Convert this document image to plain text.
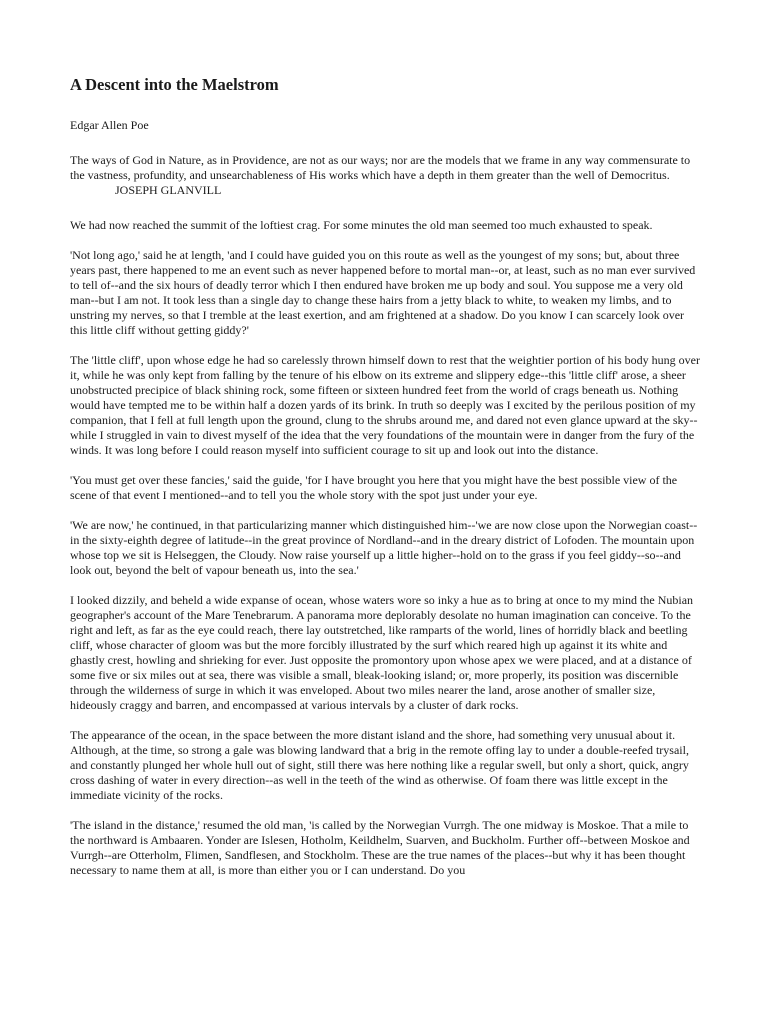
A Descent into the Maelstrom

Edgar Allen Poe

The ways of God in Nature, as in Providence, are not as our ways; nor are the models that we frame in any way commensurate to the vastness, profundity, and unsearchableness of His works which have a depth in them greater than the well of Democritus.

JOSEPH GLANVILL

We had now reached the summit of the loftiest crag. For some minutes the old man seemed too much exhausted to speak.

'Not long ago,' said he at length, 'and I could have guided you on this route as well as the youngest of my sons; but, about three years past, there happened to me an event such as never happened before to mortal man--or, at least, such as no man ever survived to tell of--and the six hours of deadly terror which I then endured have broken me up body and soul. You suppose me a very old man--but I am not. It took less than a single day to change these hairs from a jetty black to white, to weaken my limbs, and to unstring my nerves, so that I tremble at the least exertion, and am frightened at a shadow. Do you know I can scarcely look over this little cliff without getting giddy?'

The 'little cliff', upon whose edge he had so carelessly thrown himself down to rest that the weightier portion of his body hung over it, while he was only kept from falling by the tenure of his elbow on its extreme and slippery edge--this 'little cliff' arose, a sheer unobstructed precipice of black shining rock, some fifteen or sixteen hundred feet from the world of crags beneath us. Nothing would have tempted me to be within half a dozen yards of its brink. In truth so deeply was I excited by the perilous position of my companion, that I fell at full length upon the ground, clung to the shrubs around me, and dared not even glance upward at the sky--while I struggled in vain to divest myself of the idea that the very foundations of the mountain were in danger from the fury of the winds. It was long before I could reason myself into sufficient courage to sit up and look out into the distance.

'You must get over these fancies,' said the guide, 'for I have brought you here that you might have the best possible view of the scene of that event I mentioned--and to tell you the whole story with the spot just under your eye.

'We are now,' he continued, in that particularizing manner which distinguished him--'we are now close upon the Norwegian coast--in the sixty-eighth degree of latitude--in the great province of Nordland--and in the dreary district of Lofoden. The mountain upon whose top we sit is Helseggen, the Cloudy. Now raise yourself up a little higher--hold on to the grass if you feel giddy--so--and look out, beyond the belt of vapour beneath us, into the sea.'

I looked dizzily, and beheld a wide expanse of ocean, whose waters wore so inky a hue as to bring at once to my mind the Nubian geographer's account of the Mare Tenebrarum. A panorama more deplorably desolate no human imagination can conceive. To the right and left, as far as the eye could reach, there lay outstretched, like ramparts of the world, lines of horridly black and beetling cliff, whose character of gloom was but the more forcibly illustrated by the surf which reared high up against it its white and ghastly crest, howling and shrieking for ever. Just opposite the promontory upon whose apex we were placed, and at a distance of some five or six miles out at sea, there was visible a small, bleak-looking island; or, more properly, its position was discernible through the wilderness of surge in which it was enveloped. About two miles nearer the land, arose another of smaller size, hideously craggy and barren, and encompassed at various intervals by a cluster of dark rocks.

The appearance of the ocean, in the space between the more distant island and the shore, had something very unusual about it. Although, at the time, so strong a gale was blowing landward that a brig in the remote offing lay to under a double-reefed trysail, and constantly plunged her whole hull out of sight, still there was here nothing like a regular swell, but only a short, quick, angry cross dashing of water in every direction--as well in the teeth of the wind as otherwise. Of foam there was little except in the immediate vicinity of the rocks.

'The island in the distance,' resumed the old man, 'is called by the Norwegian Vurrgh. The one midway is Moskoe. That a mile to the northward is Ambaaren. Yonder are Islesen, Hotholm, Keildhelm, Suarven, and Buckholm. Further off--between Moskoe and Vurrgh--are Otterholm, Flimen, Sandflesen, and Stockholm. These are the true names of the places--but why it has been thought necessary to name them at all, is more than either you or I can understand. Do you
